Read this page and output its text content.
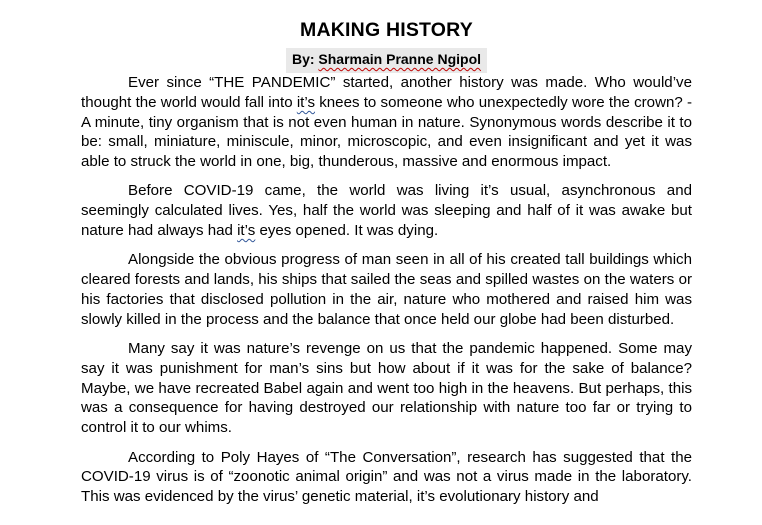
MAKING HISTORY
By: Sharmain Pranne Ngipol

Ever since “THE PANDEMIC” started, another history was made. Who would’ve thought the world would fall into it’s knees to someone who unexpectedly wore the crown? - A minute, tiny organism that is not even human in nature. Synonymous words describe it to be: small, miniature, miniscule, minor, microscopic, and even insignificant and yet it was able to struck the world in one, big, thunderous, massive and enormous impact.

Before COVID-19 came, the world was living it’s usual, asynchronous and seemingly calculated lives. Yes, half the world was sleeping and half of it was awake but nature had always had it’s eyes opened. It was dying.

Alongside the obvious progress of man seen in all of his created tall buildings which cleared forests and lands, his ships that sailed the seas and spilled wastes on the waters or his factories that disclosed pollution in the air, nature who mothered and raised him was slowly killed in the process and the balance that once held our globe had been disturbed.

Many say it was nature’s revenge on us that the pandemic happened. Some may say it was punishment for man’s sins but how about if it was for the sake of balance? Maybe, we have recreated Babel again and went too high in the heavens. But perhaps, this was a consequence for having destroyed our relationship with nature too far or trying to control it to our whims.

According to Poly Hayes of “The Conversation”, research has suggested that the COVID-19 virus is of “zoonotic animal origin” and was not a virus made in the laboratory. This was evidenced by the virus’ genetic material, it’s evolutionary history and
